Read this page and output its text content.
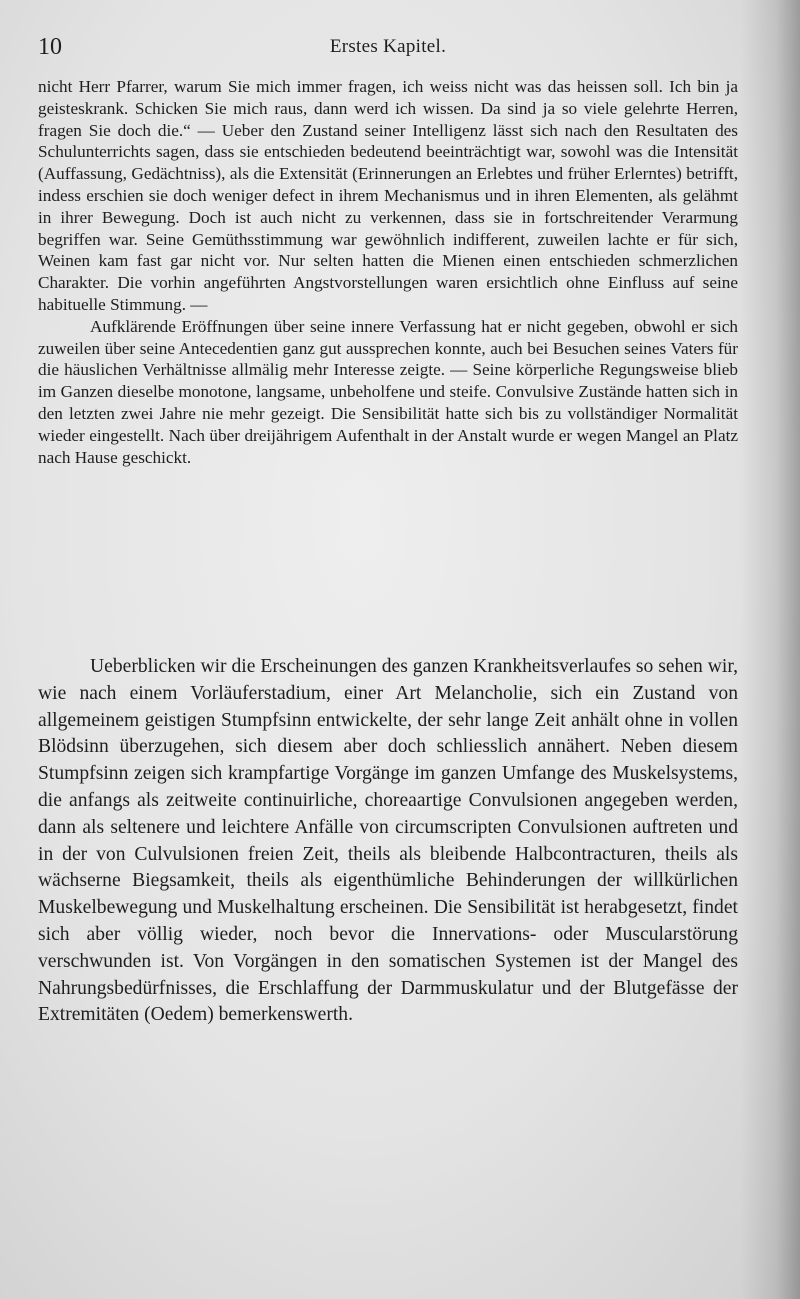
10	Erstes Kapitel.

nicht Herr Pfarrer, warum Sie mich immer fragen, ich weiss nicht was das heissen soll. Ich bin ja geisteskrank. Schicken Sie mich raus, dann werd ich wissen. Da sind ja so viele gelehrte Herren, fragen Sie doch die.“ — Ueber den Zustand seiner Intelligenz lässt sich nach den Resultaten des Schulunterrichts sagen, dass sie entschieden bedeutend beeinträchtigt war, sowohl was die Intensität (Auffassung, Gedächtniss), als die Extensität (Erinnerungen an Erlebtes und früher Erlerntes) betrifft, indess erschien sie doch weniger defect in ihrem Mechanismus und in ihren Elementen, als gelähmt in ihrer Bewegung. Doch ist auch nicht zu verkennen, dass sie in fortschreitender Verarmung begriffen war. Seine Gemüthsstimmung war gewöhnlich indifferent, zuweilen lachte er für sich, Weinen kam fast gar nicht vor. Nur selten hatten die Mienen einen entschieden schmerzlichen Charakter. Die vorhin angeführten Angstvorstellungen waren ersichtlich ohne Einfluss auf seine habituelle Stimmung. —

Aufklärende Eröffnungen über seine innere Verfassung hat er nicht gegeben, obwohl er sich zuweilen über seine Antecedentien ganz gut aussprechen konnte, auch bei Besuchen seines Vaters für die häuslichen Verhältnisse allmälig mehr Interesse zeigte. — Seine körperliche Regungsweise blieb im Ganzen dieselbe monotone, langsame, unbeholfene und steife. Convulsive Zustände hatten sich in den letzten zwei Jahre nie mehr gezeigt. Die Sensibilität hatte sich bis zu vollständiger Normalität wieder eingestellt. Nach über dreijährigem Aufenthalt in der Anstalt wurde er wegen Mangel an Platz nach Hause geschickt.

Ueberblicken wir die Erscheinungen des ganzen Krankheitsverlaufes so sehen wir, wie nach einem Vorläuferstadium, einer Art Melancholie, sich ein Zustand von allgemeinem geistigen Stumpfsinn entwickelte, der sehr lange Zeit anhält ohne in vollen Blödsinn überzugehen, sich diesem aber doch schliesslich annähert. Neben diesem Stumpfsinn zeigen sich krampfartige Vorgänge im ganzen Umfange des Muskelsystems, die anfangs als zeitweite continuirliche, choreaartige Convulsionen angegeben werden, dann als seltenere und leichtere Anfälle von circumscripten Convulsionen auftreten und in der von Culvulsionen freien Zeit, theils als bleibende Halbcontracturen, theils als wächserne Biegsamkeit, theils als eigenthümliche Behinderungen der willkürlichen Muskelbewegung und Muskelhaltung erscheinen. Die Sensibilität ist herabgesetzt, findet sich aber völlig wieder, noch bevor die Innervations- oder Muscularstörung verschwunden ist. Von Vorgängen in den somatischen Systemen ist der Mangel des Nahrungsbedürfnisses, die Erschlaffung der Darmmuskulatur und der Blutgefässe der Extremitäten (Oedem) bemerkenswerth.
